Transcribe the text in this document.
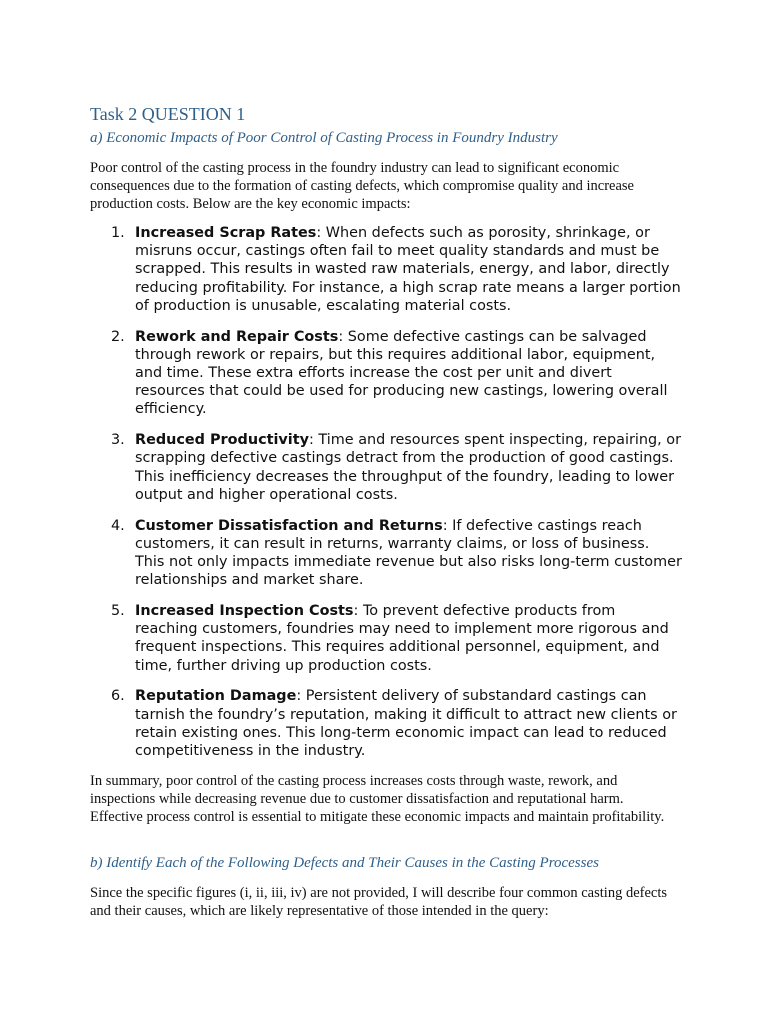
Task 2 QUESTION 1
a) Economic Impacts of Poor Control of Casting Process in Foundry Industry

Poor control of the casting process in the foundry industry can lead to significant economic consequences due to the formation of casting defects, which compromise quality and increase production costs. Below are the key economic impacts:

1. Increased Scrap Rates: When defects such as porosity, shrinkage, or misruns occur, castings often fail to meet quality standards and must be scrapped. This results in wasted raw materials, energy, and labor, directly reducing profitability. For instance, a high scrap rate means a larger portion of production is unusable, escalating material costs.
2. Rework and Repair Costs: Some defective castings can be salvaged through rework or repairs, but this requires additional labor, equipment, and time. These extra efforts increase the cost per unit and divert resources that could be used for producing new castings, lowering overall efficiency.
3. Reduced Productivity: Time and resources spent inspecting, repairing, or scrapping defective castings detract from the production of good castings. This inefficiency decreases the throughput of the foundry, leading to lower output and higher operational costs.
4. Customer Dissatisfaction and Returns: If defective castings reach customers, it can result in returns, warranty claims, or loss of business. This not only impacts immediate revenue but also risks long-term customer relationships and market share.
5. Increased Inspection Costs: To prevent defective products from reaching customers, foundries may need to implement more rigorous and frequent inspections. This requires additional personnel, equipment, and time, further driving up production costs.
6. Reputation Damage: Persistent delivery of substandard castings can tarnish the foundry’s reputation, making it difficult to attract new clients or retain existing ones. This long-term economic impact can lead to reduced competitiveness in the industry.

In summary, poor control of the casting process increases costs through waste, rework, and inspections while decreasing revenue due to customer dissatisfaction and reputational harm. Effective process control is essential to mitigate these economic impacts and maintain profitability.

b) Identify Each of the Following Defects and Their Causes in the Casting Processes

Since the specific figures (i, ii, iii, iv) are not provided, I will describe four common casting defects and their causes, which are likely representative of those intended in the query:
